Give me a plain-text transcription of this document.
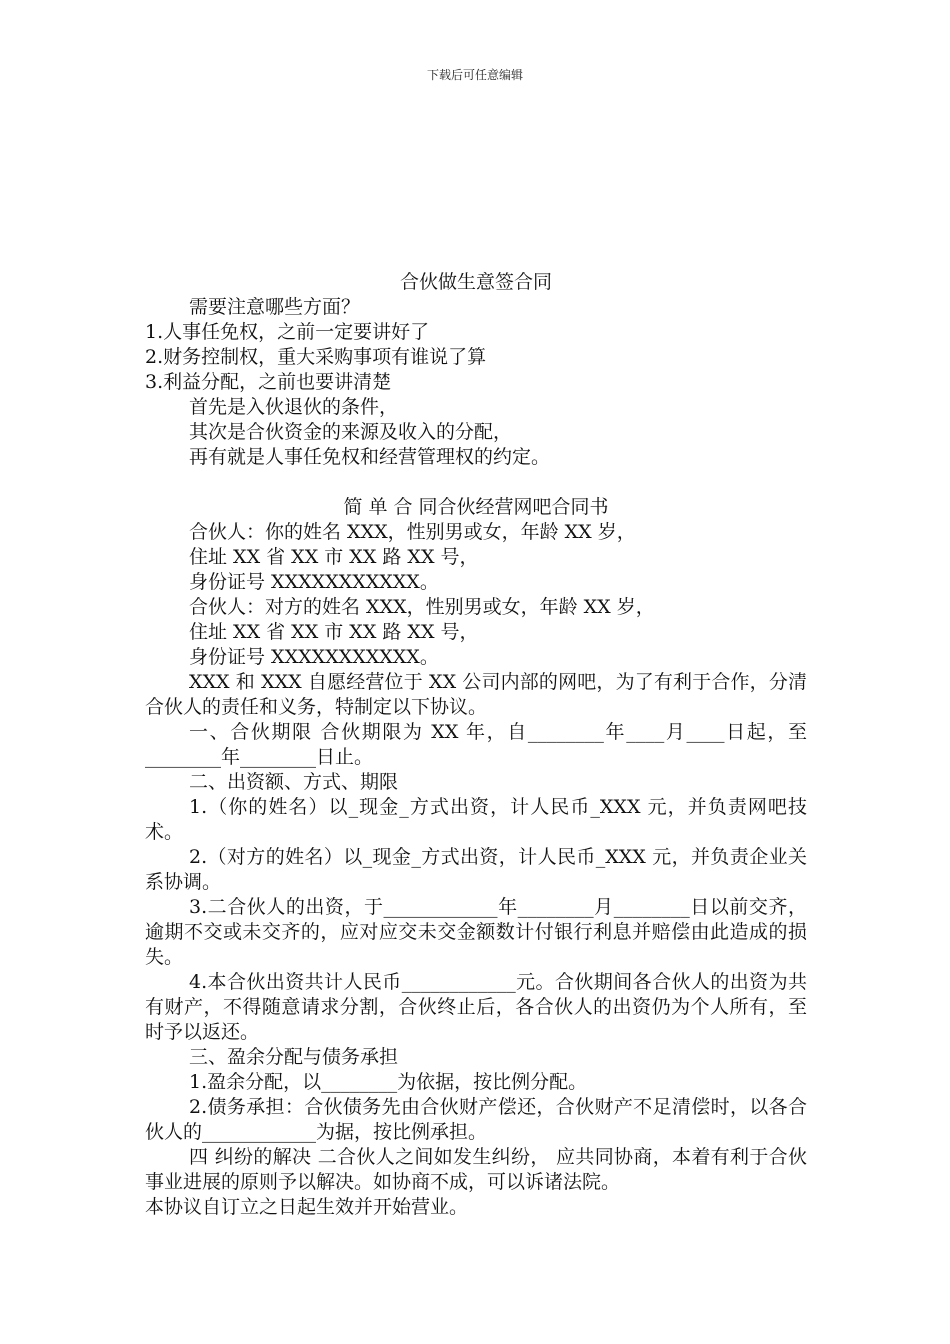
下载后可任意编辑
合伙做生意签合同
需要注意哪些方面？
1.人事任免权，之前一定要讲好了
2.财务控制权，重大采购事项有谁说了算
3.利益分配，之前也要讲清楚
首先是入伙退伙的条件，
其次是合伙资金的来源及收入的分配，
再有就是人事任免权和经营管理权的约定。
简 单 合 同合伙经营网吧合同书
合伙人：你的姓名 XXX，性别男或女，年龄 XX 岁，
住址 XX 省 XX 市 XX 路 XX 号，
身份证号 XXXXXXXXXXX。
合伙人：对方的姓名 XXX，性别男或女，年龄 XX 岁，
住址 XX 省 XX 市 XX 路 XX 号，
身份证号 XXXXXXXXXXX。

XXX 和 XXX 自愿经营位于 XX 公司内部的网吧，为了有利于合作，分清合伙人的责任和义务，特制定以下协议。

一、合伙期限 合伙期限为 XX 年，自________年____月____日起，至________年________日止。

二、出资额、方式、期限

1.（你的姓名）以_现金_方式出资，计人民币_XXX 元，并负责网吧技术。

2.（对方的姓名）以_现金_方式出资，计人民币_XXX 元，并负责企业关系协调。

3.二合伙人的出资，于____________年________月________日以前交齐，逾期不交或未交齐的，应对应交未交金额数计付银行利息并赔偿由此造成的损失。

4.本合伙出资共计人民币____________元。合伙期间各合伙人的出资为共有财产，不得随意请求分割，合伙终止后，各合伙人的出资仍为个人所有，至时予以返还。

三、盈余分配与债务承担

1.盈余分配，以________为依据，按比例分配。

2.债务承担：合伙债务先由合伙财产偿还，合伙财产不足清偿时，以各合伙人的____________为据，按比例承担。

四 纠纷的解决 二合伙人之间如发生纠纷， 应共同协商，本着有利于合伙事业进展的原则予以解决。如协商不成，可以诉诸法院。

本协议自订立之日起生效并开始营业。
